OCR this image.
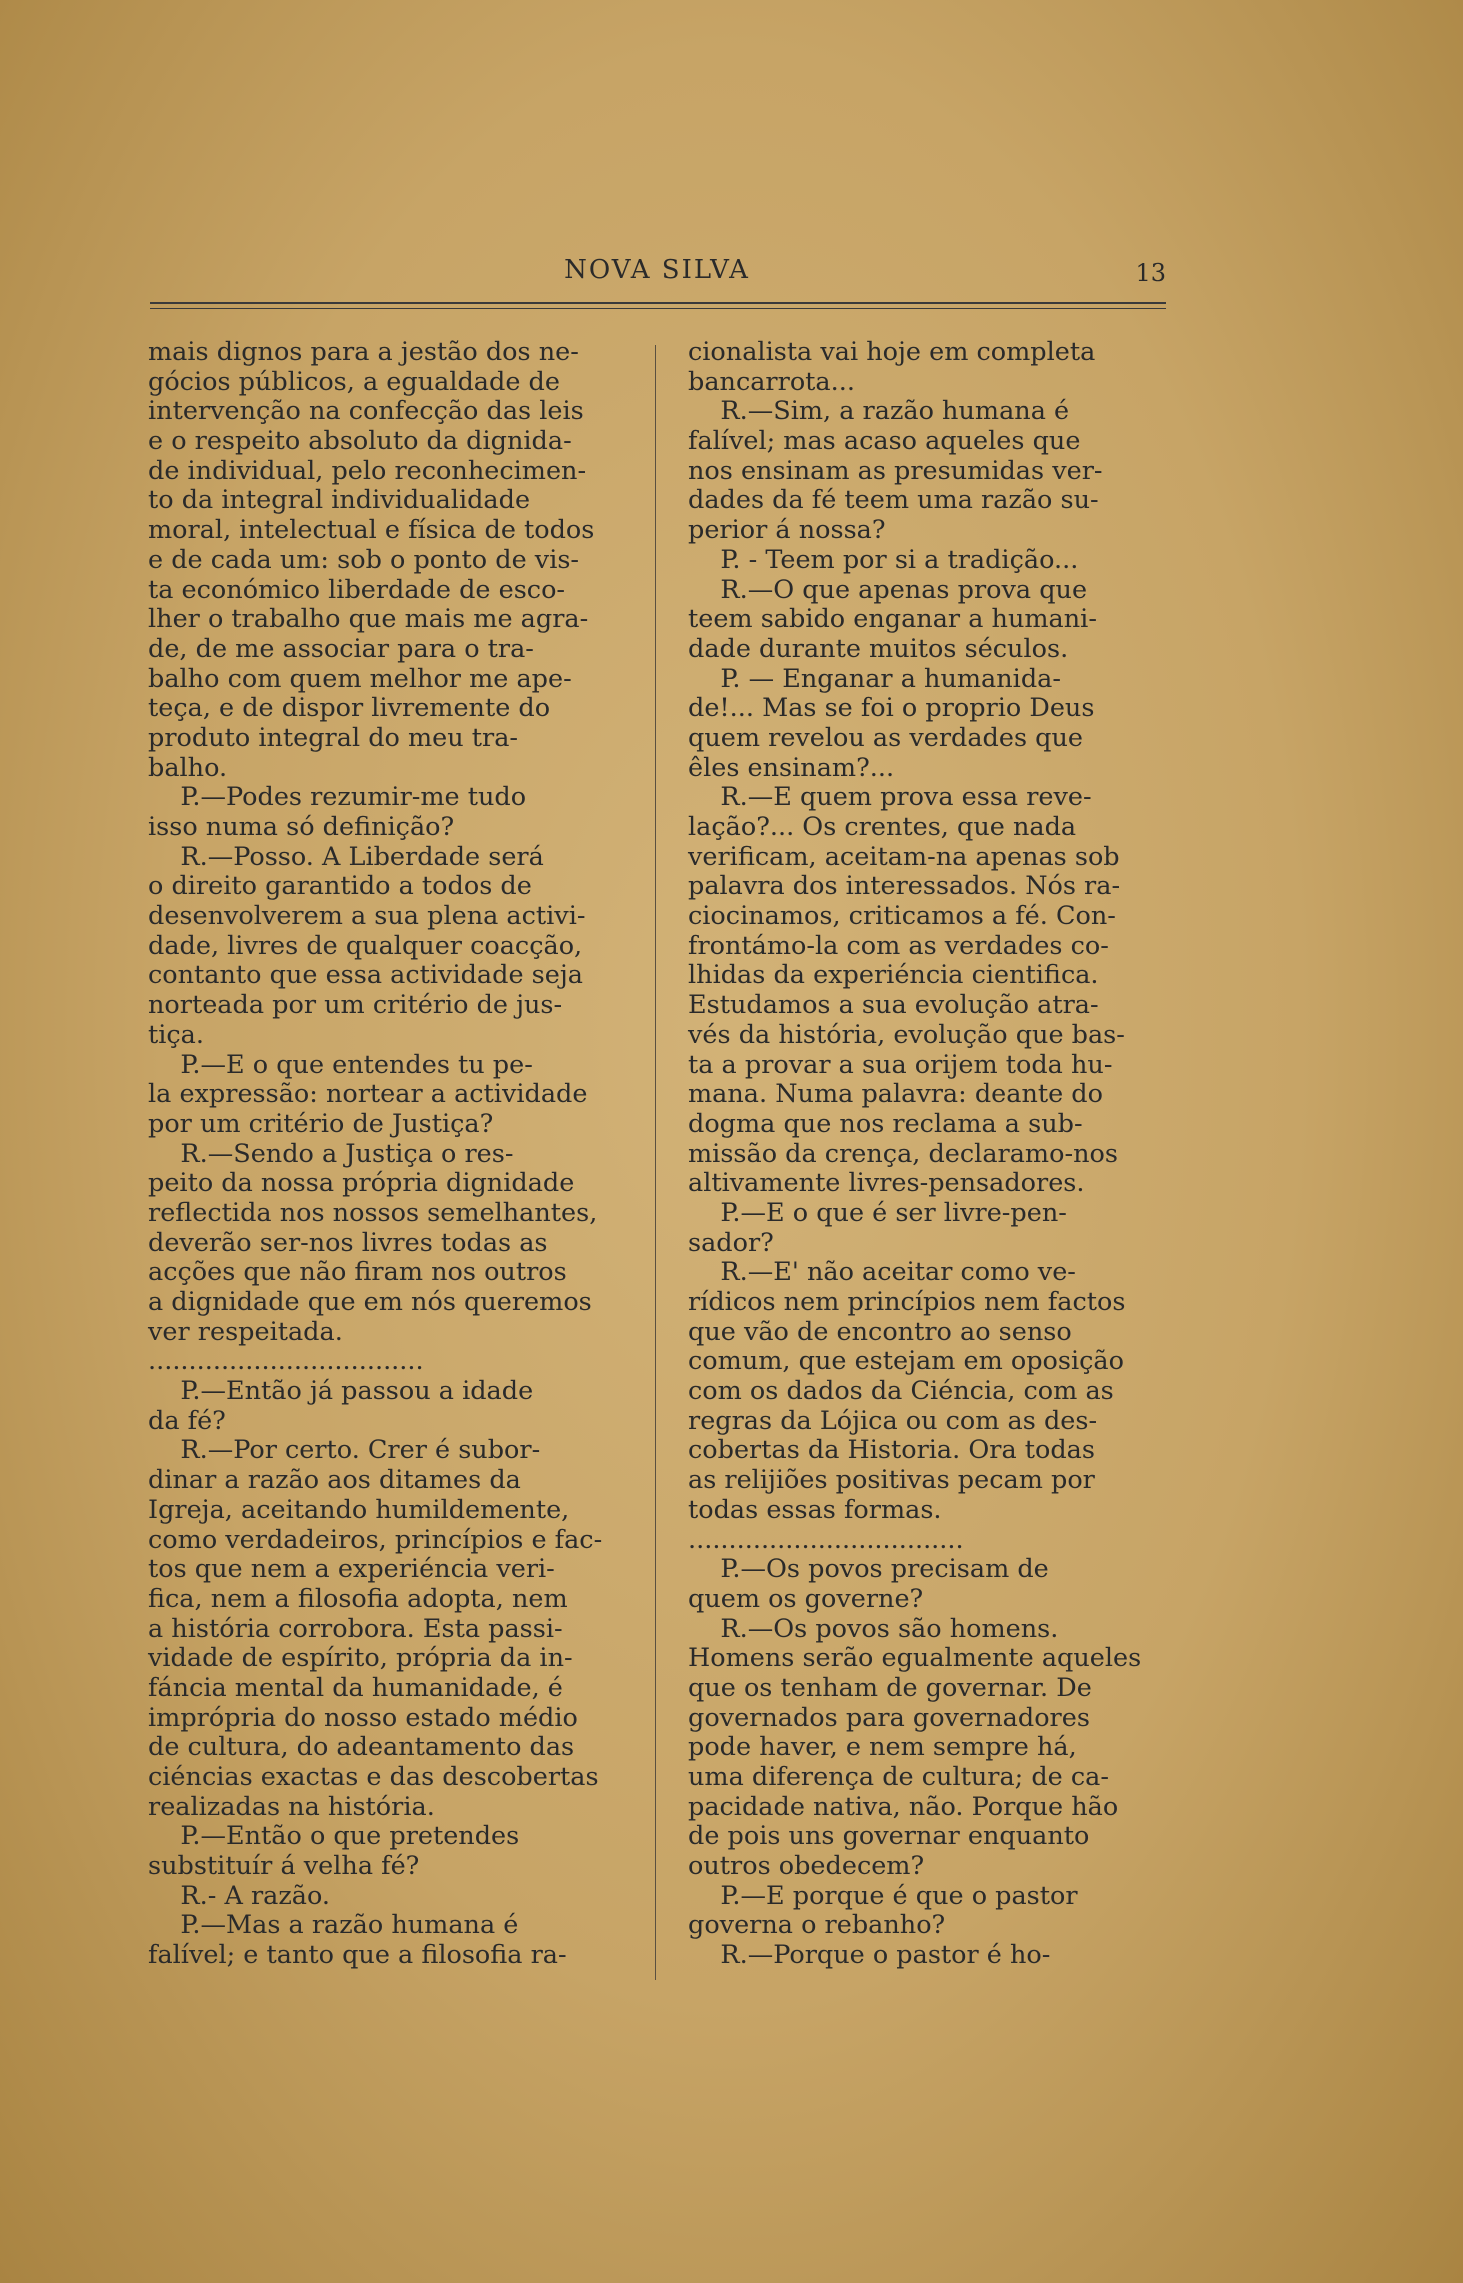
NOVA SILVA	13
mais dignos para a jestão dos ne-
gócios públicos, a egualdade de
intervenção na confecção das leis
e o respeito absoluto da dignida-
de individual, pelo reconhecimen-
to da integral individualidade
moral, intelectual e física de todos
e de cada um: sob o ponto de vis-
ta económico liberdade de esco-
lher o trabalho que mais me agra-
de, de me associar para o tra-
balho com quem melhor me ape-
teça, e de dispor livremente do
produto integral do meu tra-
balho.
P.—Podes rezumir-me tudo
isso numa só definição?
R.—Posso. A Liberdade será
o direito garantido a todos de
desenvolverem a sua plena activi-
dade, livres de qualquer coacção,
contanto que essa actividade seja
norteada por um critério de jus-
tiça.
P.—E o que entendes tu pe-
la expressão: nortear a actividade
por um critério de Justiça?
R.—Sendo a Justiça o res-
peito da nossa própria dignidade
reflectida nos nossos semelhantes,
deverão ser-nos livres todas as
acções que não firam nos outros
a dignidade que em nós queremos
ver respeitada.
..................................
P.—Então já passou a idade
da fé?
R.—Por certo. Crer é subor-
dinar a razão aos ditames da
Igreja, aceitando humildemente,
como verdadeiros, princípios e fac-
tos que nem a experiéncia veri-
fica, nem a filosofia adopta, nem
a história corrobora. Esta passi-
vidade de espírito, própria da in-
fáncia mental da humanidade, é
imprópria do nosso estado médio
de cultura, do adeantamento das
ciéncias exactas e das descobertas
realizadas na história.
P.—Então o que pretendes
substituír á velha fé?
R.- A razão.
P.—Mas a razão humana é
falível; e tanto que a filosofia ra-
cionalista vai hoje em completa
bancarrota...
R.—Sim, a razão humana é
falível; mas acaso aqueles que
nos ensinam as presumidas ver-
dades da fé teem uma razão su-
perior á nossa?
P. - Teem por si a tradição...
R.—O que apenas prova que
teem sabido enganar a humani-
dade durante muitos séculos.
P. — Enganar a humanida-
de!... Mas se foi o proprio Deus
quem revelou as verdades que
êles ensinam?...
R.—E quem prova essa reve-
lação?... Os crentes, que nada
verificam, aceitam-na apenas sob
palavra dos interessados. Nós ra-
ciocinamos, criticamos a fé. Con-
frontámo-la com as verdades co-
lhidas da experiéncia cientifica.
Estudamos a sua evolução atra-
vés da história, evolução que bas-
ta a provar a sua orijem toda hu-
mana. Numa palavra: deante do
dogma que nos reclama a sub-
missão da crença, declaramo-nos
altivamente livres-pensadores.
P.—E o que é ser livre-pen-
sador?
R.—E' não aceitar como ve-
rídicos nem princípios nem factos
que vão de encontro ao senso
comum, que estejam em oposição
com os dados da Ciéncia, com as
regras da Lójica ou com as des-
cobertas da Historia. Ora todas
as relijiões positivas pecam por
todas essas formas.
..................................
P.—Os povos precisam de
quem os governe?
R.—Os povos são homens.
Homens serão egualmente aqueles
que os tenham de governar. De
governados para governadores
pode haver, e nem sempre há,
uma diferença de cultura; de ca-
pacidade nativa, não. Porque hão
de pois uns governar enquanto
outros obedecem?
P.—E porque é que o pastor
governa o rebanho?
R.—Porque o pastor é ho-
